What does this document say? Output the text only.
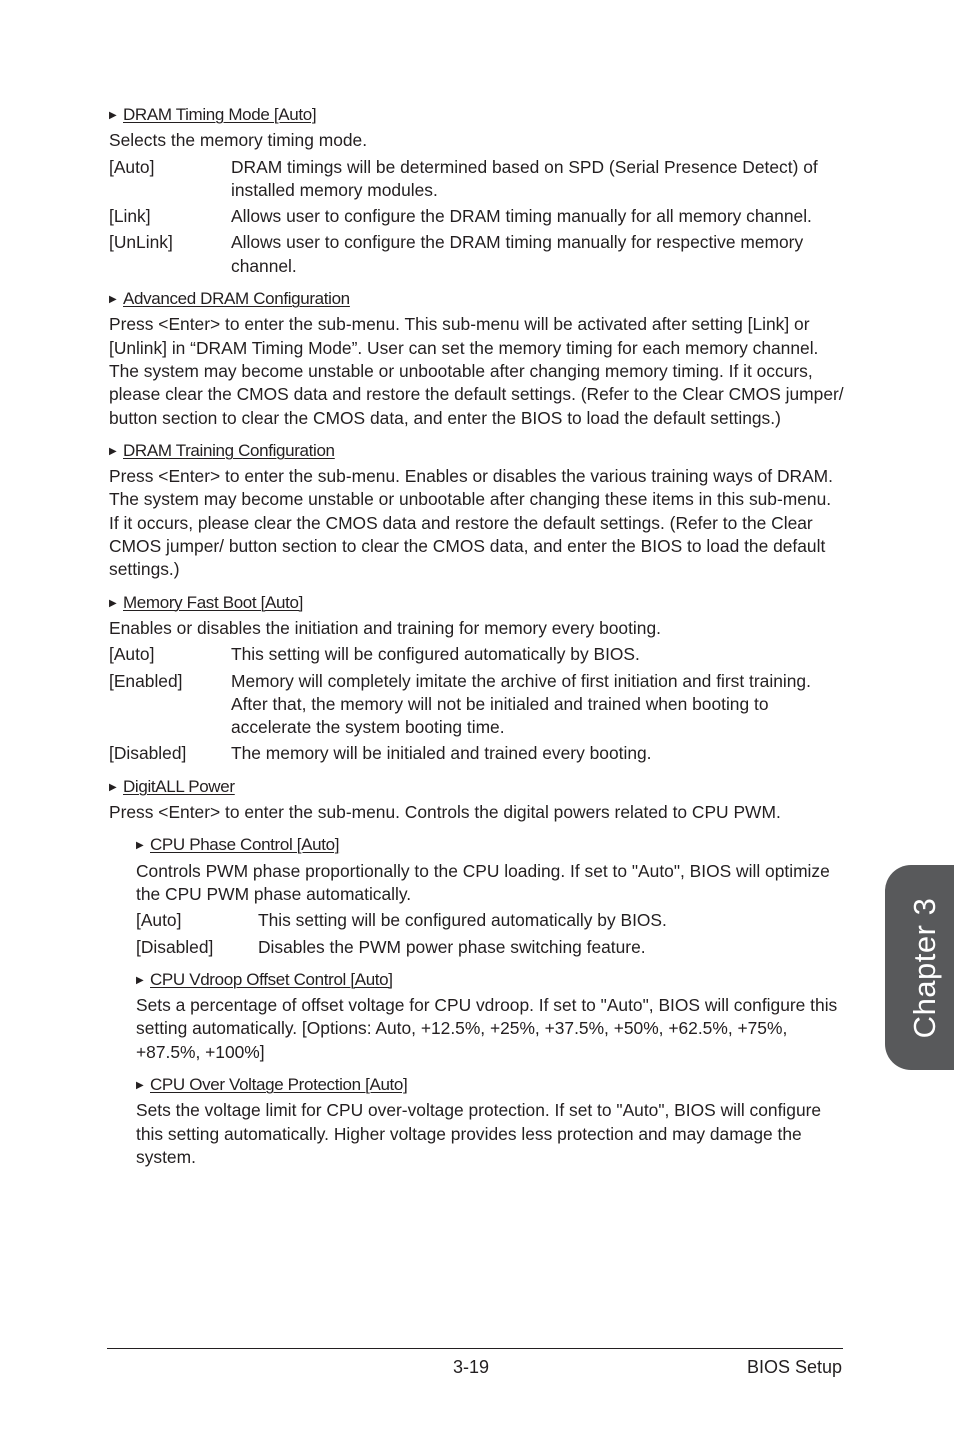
▶ DRAM Timing Mode [Auto]

Selects the memory timing mode.

[Auto]	DRAM timings will be determined based on SPD (Serial Presence Detect) of installed memory modules.
[Link]	Allows user to configure the DRAM timing manually for all memory channel.
[UnLink]	Allows user to configure the DRAM timing manually for respective memory channel.
▶ Advanced DRAM Configuration

Press <Enter> to enter the sub-menu. This sub-menu will be activated after setting [Link] or [Unlink] in “DRAM Timing Mode”. User can set the memory timing for each memory channel. The system may become unstable or unbootable after changing memory timing. If it occurs, please clear the CMOS data and restore the default settings. (Refer to the Clear CMOS jumper/ button section to clear the CMOS data, and enter the BIOS to load the default settings.)

▶ DRAM Training Configuration

Press <Enter> to enter the sub-menu. Enables or disables the various training ways of DRAM. The system may become unstable or unbootable after changing these items in this sub-menu. If it occurs, please clear the CMOS data and restore the default settings. (Refer to the Clear CMOS jumper/ button section to clear the CMOS data, and enter the BIOS to load the default settings.)

▶ Memory Fast Boot [Auto]

Enables or disables the initiation and training for memory every booting.

[Auto]	This setting will be configured automatically by BIOS.
[Enabled]	Memory will completely imitate the archive of first initiation and first training. After that, the memory will not be initialed and trained when booting to accelerate the system booting time.
[Disabled]	The memory will be initialed and trained every booting.
▶ DigitALL Power

Press <Enter> to enter the sub-menu. Controls the digital powers related to CPU PWM.

▶ CPU Phase Control [Auto]

Controls PWM phase proportionally to the CPU loading. If set to "Auto", BIOS will optimize the CPU PWM phase automatically.

[Auto]	This setting will be configured automatically by BIOS.
[Disabled]	Disables the PWM power phase switching feature.
▶ CPU Vdroop Offset Control [Auto]

Sets a percentage of offset voltage for CPU vdroop. If set to "Auto", BIOS will configure this setting automatically. [Options: Auto, +12.5%, +25%, +37.5%, +50%, +62.5%, +75%, +87.5%, +100%]

▶ CPU Over Voltage Protection [Auto]

Sets the voltage limit for CPU over-voltage protection. If set to "Auto", BIOS will configure this setting automatically. Higher voltage provides less protection and may damage the system.

Chapter 3
3-19	BIOS Setup
